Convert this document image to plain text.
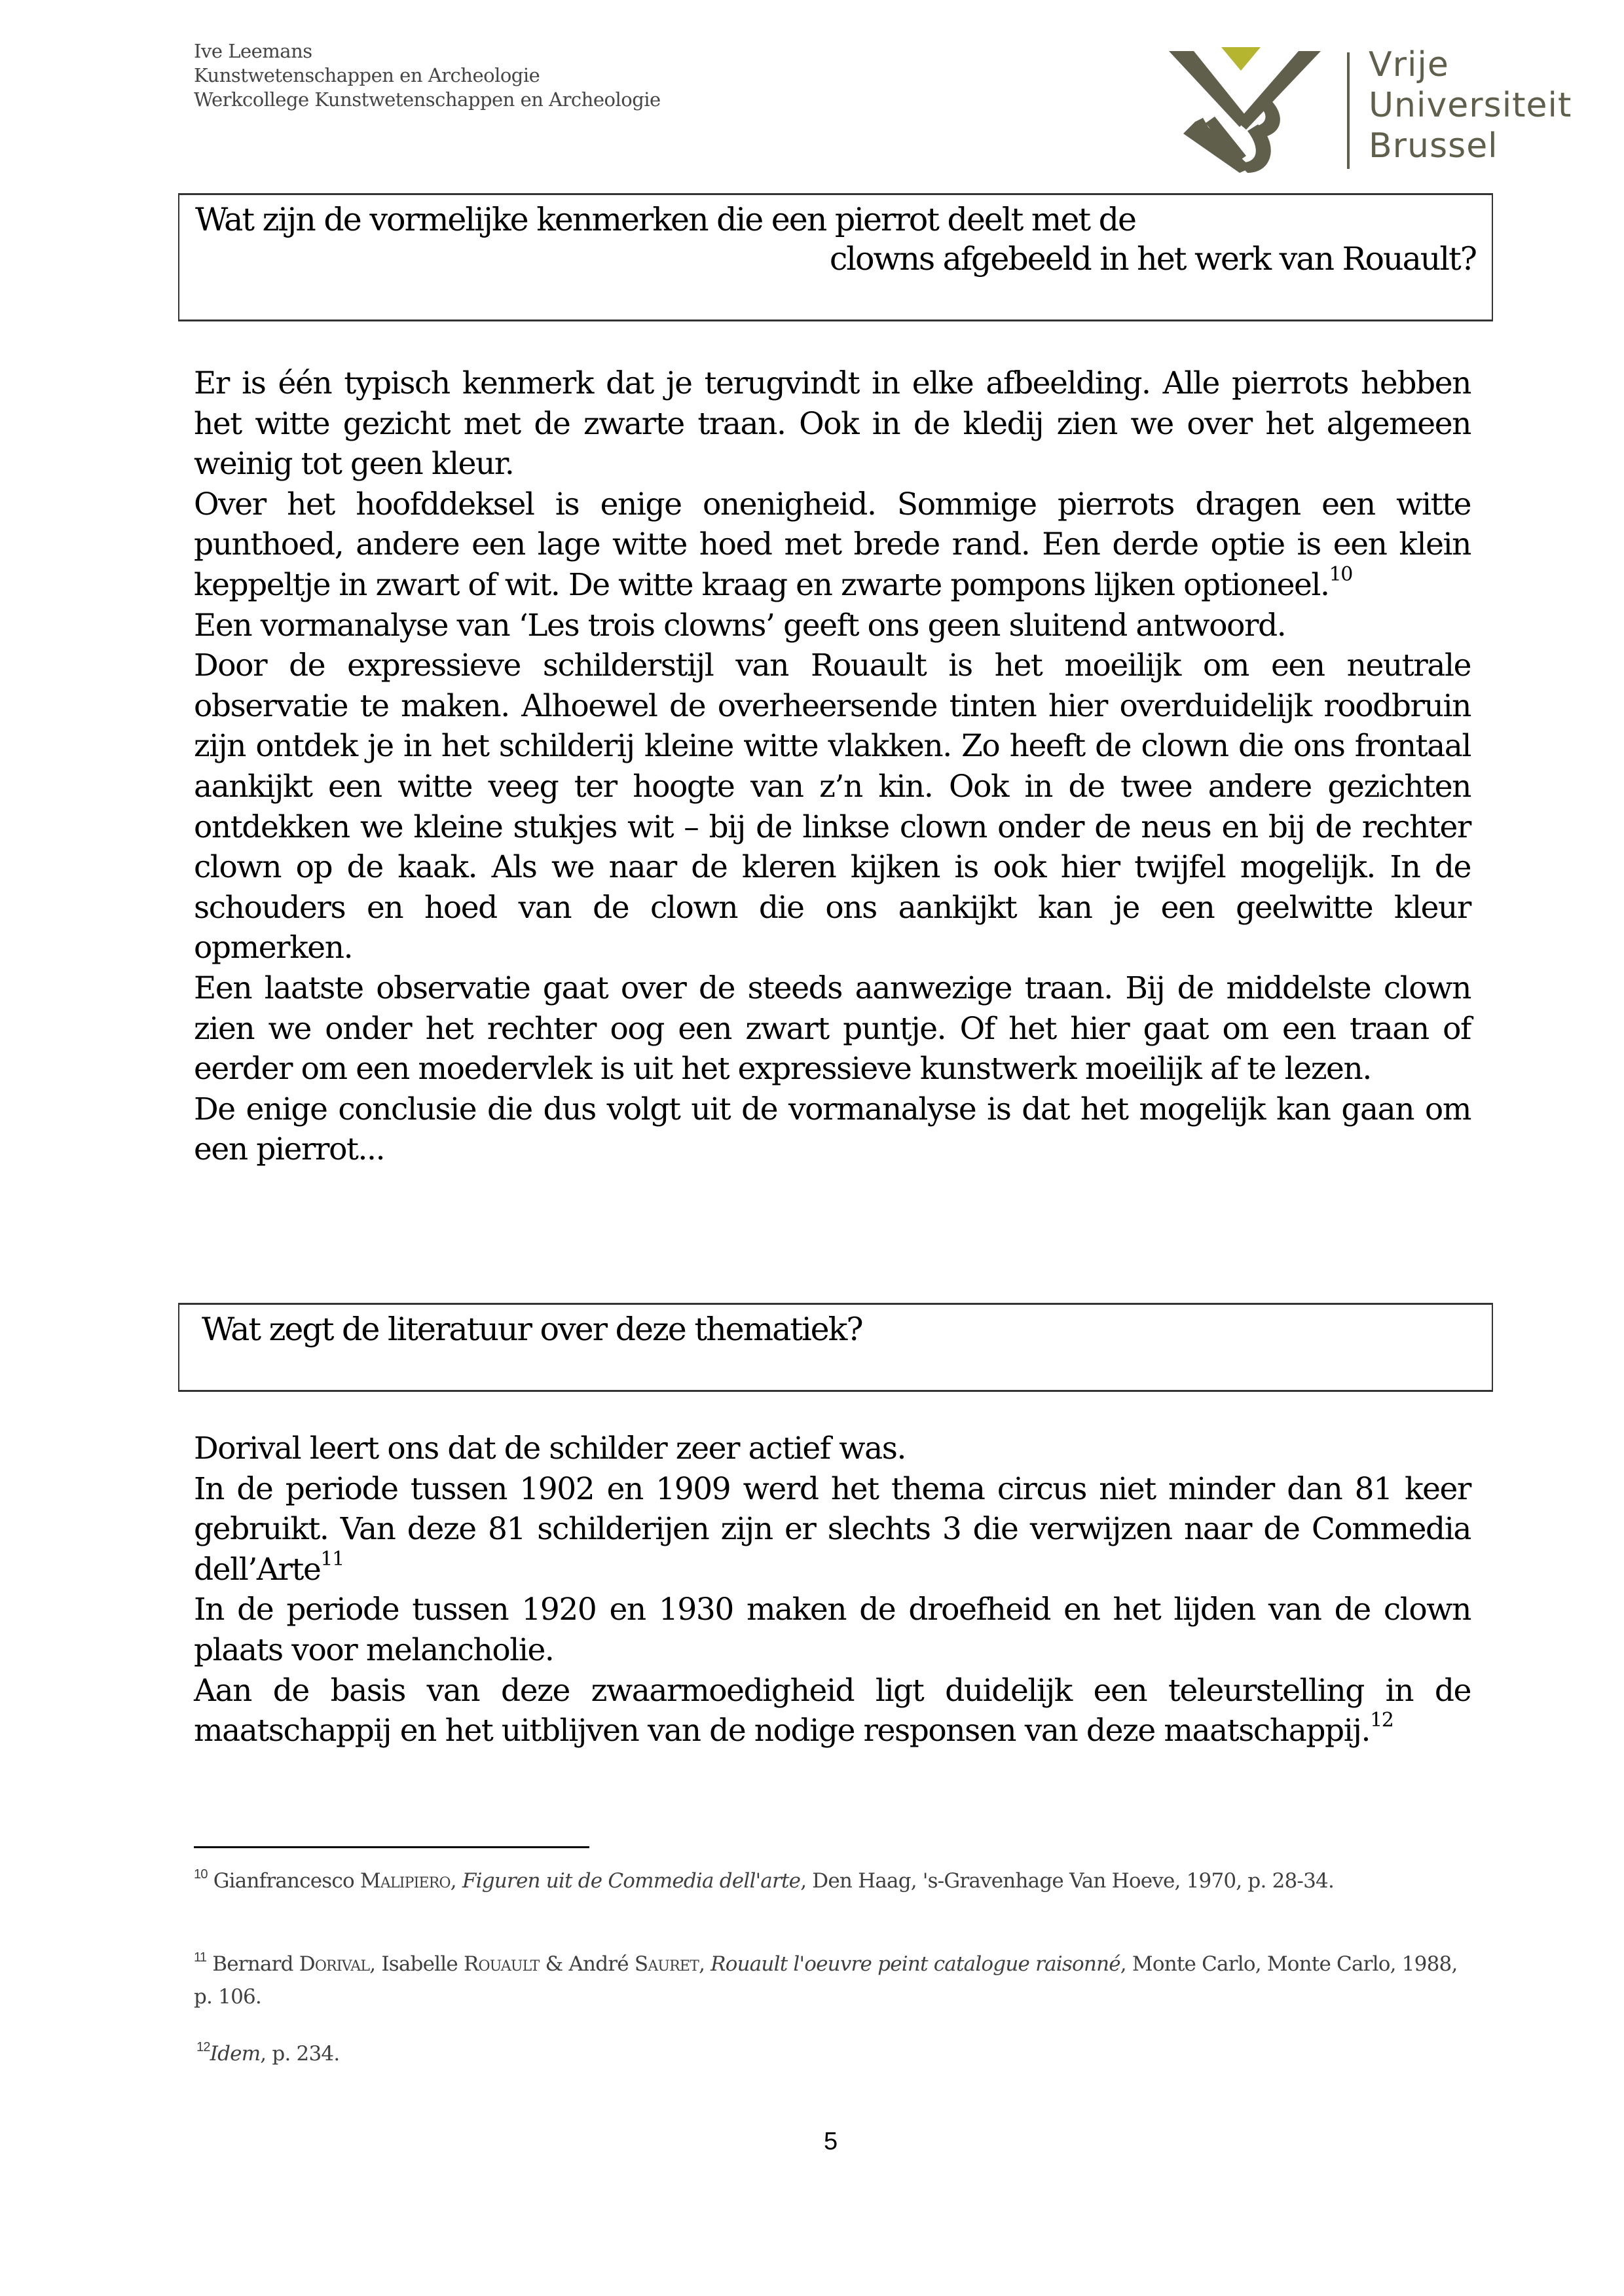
Ive Leemans
Kunstwetenschappen en Archeologie
Werkcollege Kunstwetenschappen en Archeologie
Vrije
Universiteit
Brussel
Wat zijn de vormelijke kenmerken die een pierrot deelt met de
clowns afgebeeld in het werk van Rouault?

Er is één typisch kenmerk dat je terugvindt in elke afbeelding. Alle pierrots hebben het witte gezicht met de zwarte traan. Ook in de kledij zien we over het algemeen weinig tot geen kleur.

Over het hoofddeksel is enige onenigheid. Sommige pierrots dragen een witte punthoed, andere een lage witte hoed met brede rand. Een derde optie is een klein keppeltje in zwart of wit. De witte kraag en zwarte pompons lijken optioneel.$^{10}$

Een vormanalyse van ‘Les trois clowns’ geeft ons geen sluitend antwoord.

Door de expressieve schilderstijl van Rouault is het moeilijk om een neutrale observatie te maken. Alhoewel de overheersende tinten hier overduidelijk roodbruin zijn ontdek je in het schilderij kleine witte vlakken. Zo heeft de clown die ons frontaal aankijkt een witte veeg ter hoogte van z’n kin. Ook in de twee andere gezichten ontdekken we kleine stukjes wit – bij de linkse clown onder de neus en bij de rechter clown op de kaak. Als we naar de kleren kijken is ook hier twijfel mogelijk. In de schouders en hoed van de clown die ons aankijkt kan je een geelwitte kleur opmerken.

Een laatste observatie gaat over de steeds aanwezige traan. Bij de middelste clown zien we onder het rechter oog een zwart puntje. Of het hier gaat om een traan of eerder om een moedervlek is uit het expressieve kunstwerk moeilijk af te lezen.

De enige conclusie die dus volgt uit de vormanalyse is dat het mogelijk kan gaan om een pierrot...

Wat zegt de literatuur over deze thematiek?

Dorival leert ons dat de schilder zeer actief was.

In de periode tussen 1902 en 1909 werd het thema circus niet minder dan 81 keer gebruikt. Van deze 81 schilderijen zijn er slechts 3 die verwijzen naar de Commedia dell’Arte$^{11}$

In de periode tussen 1920 en 1930 maken de droefheid en het lijden van de clown plaats voor melancholie.

Aan de basis van deze zwaarmoedigheid ligt duidelijk een teleurstelling in de maatschappij en het uitblijven van de nodige responsen van deze maatschappij.$^{12}$

$^{10}$ Gianfrancesco Malipiero, Figuren uit de Commedia dell'arte, Den Haag, 's-Gravenhage Van Hoeve, 1970, p. 28-34.
$^{11}$ Bernard Dorival, Isabelle Rouault & André Sauret, Rouault l'oeuvre peint catalogue raisonné, Monte Carlo, Monte Carlo, 1988, p. 106.
$^{12}$Idem, p. 234.
5
